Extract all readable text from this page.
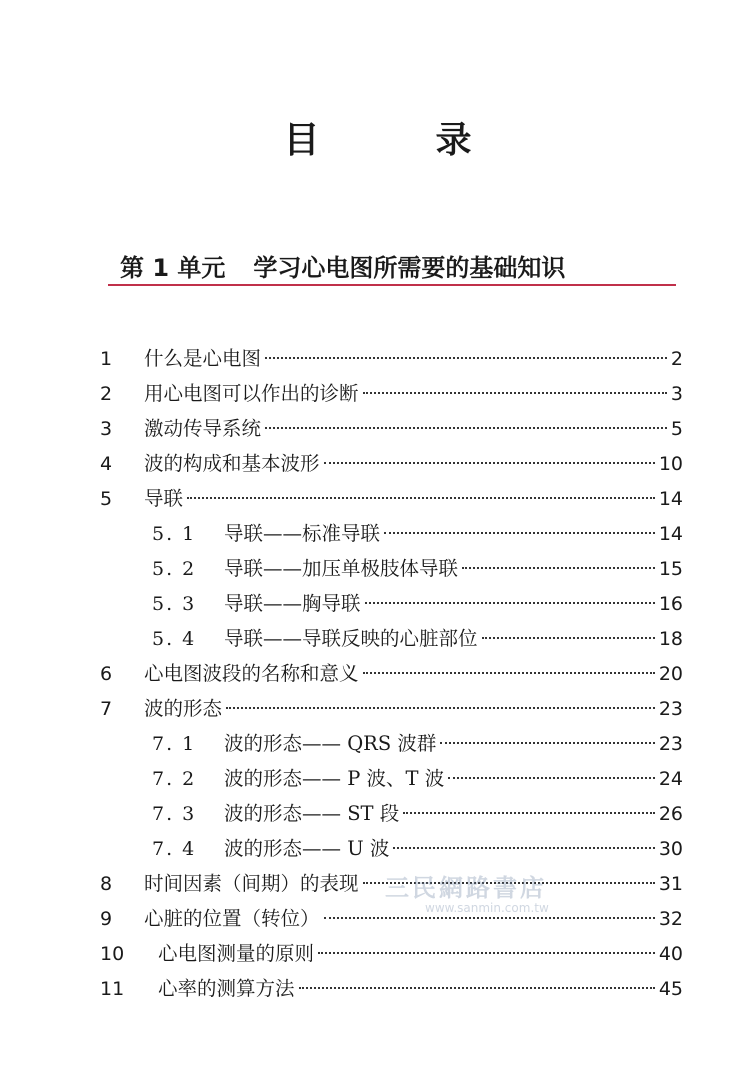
目　录
第 1 单元 学习心电图所需要的基础知识
1	什么是心电图	2
2	用心电图可以作出的诊断	3
3	激动传导系统	5
4	波的构成和基本波形	10
5	导联	14
5. 1	导联——标准导联	14
5. 2	导联——加压单极肢体导联	15
5. 3	导联——胸导联	16
5. 4	导联——导联反映的心脏部位	18
6	心电图波段的名称和意义	20
7	波的形态	23
7. 1	波的形态—— QRS 波群	23
7. 2	波的形态—— P 波、T 波	24
7. 3	波的形态—— ST 段	26
7. 4	波的形态—— U 波	30
8	时间因素（间期）的表现	31
9	心脏的位置（转位）	32
10	心电图测量的原则	40
11	心率的测算方法	45
三民網路書店
www.sanmin.com.tw
